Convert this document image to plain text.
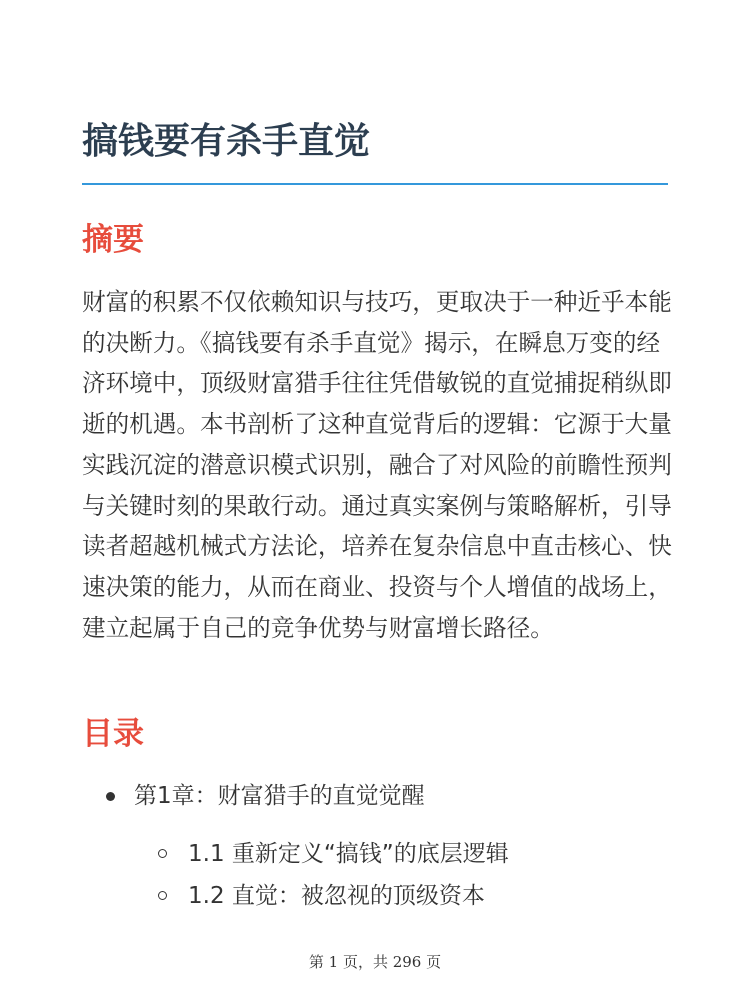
搞钱要有杀手直觉
摘要

财富的积累不仅依赖知识与技巧，更取决于一种近乎本能的决断力。《搞钱要有杀手直觉》揭示，在瞬息万变的经济环境中，顶级财富猎手往往凭借敏锐的直觉捕捉稍纵即逝的机遇。本书剖析了这种直觉背后的逻辑：它源于大量实践沉淀的潜意识模式识别，融合了对风险的前瞻性预判与关键时刻的果敢行动。通过真实案例与策略解析，引导读者超越机械式方法论，培养在复杂信息中直击核心、快速决策的能力，从而在商业、投资与个人增值的战场上，建立起属于自己的竞争优势与财富增长路径。

目录
第1章：财富猎手的直觉觉醒
1.1 重新定义“搞钱”的底层逻辑
1.2 直觉：被忽视的顶级资本
第 1 页，共 296 页
